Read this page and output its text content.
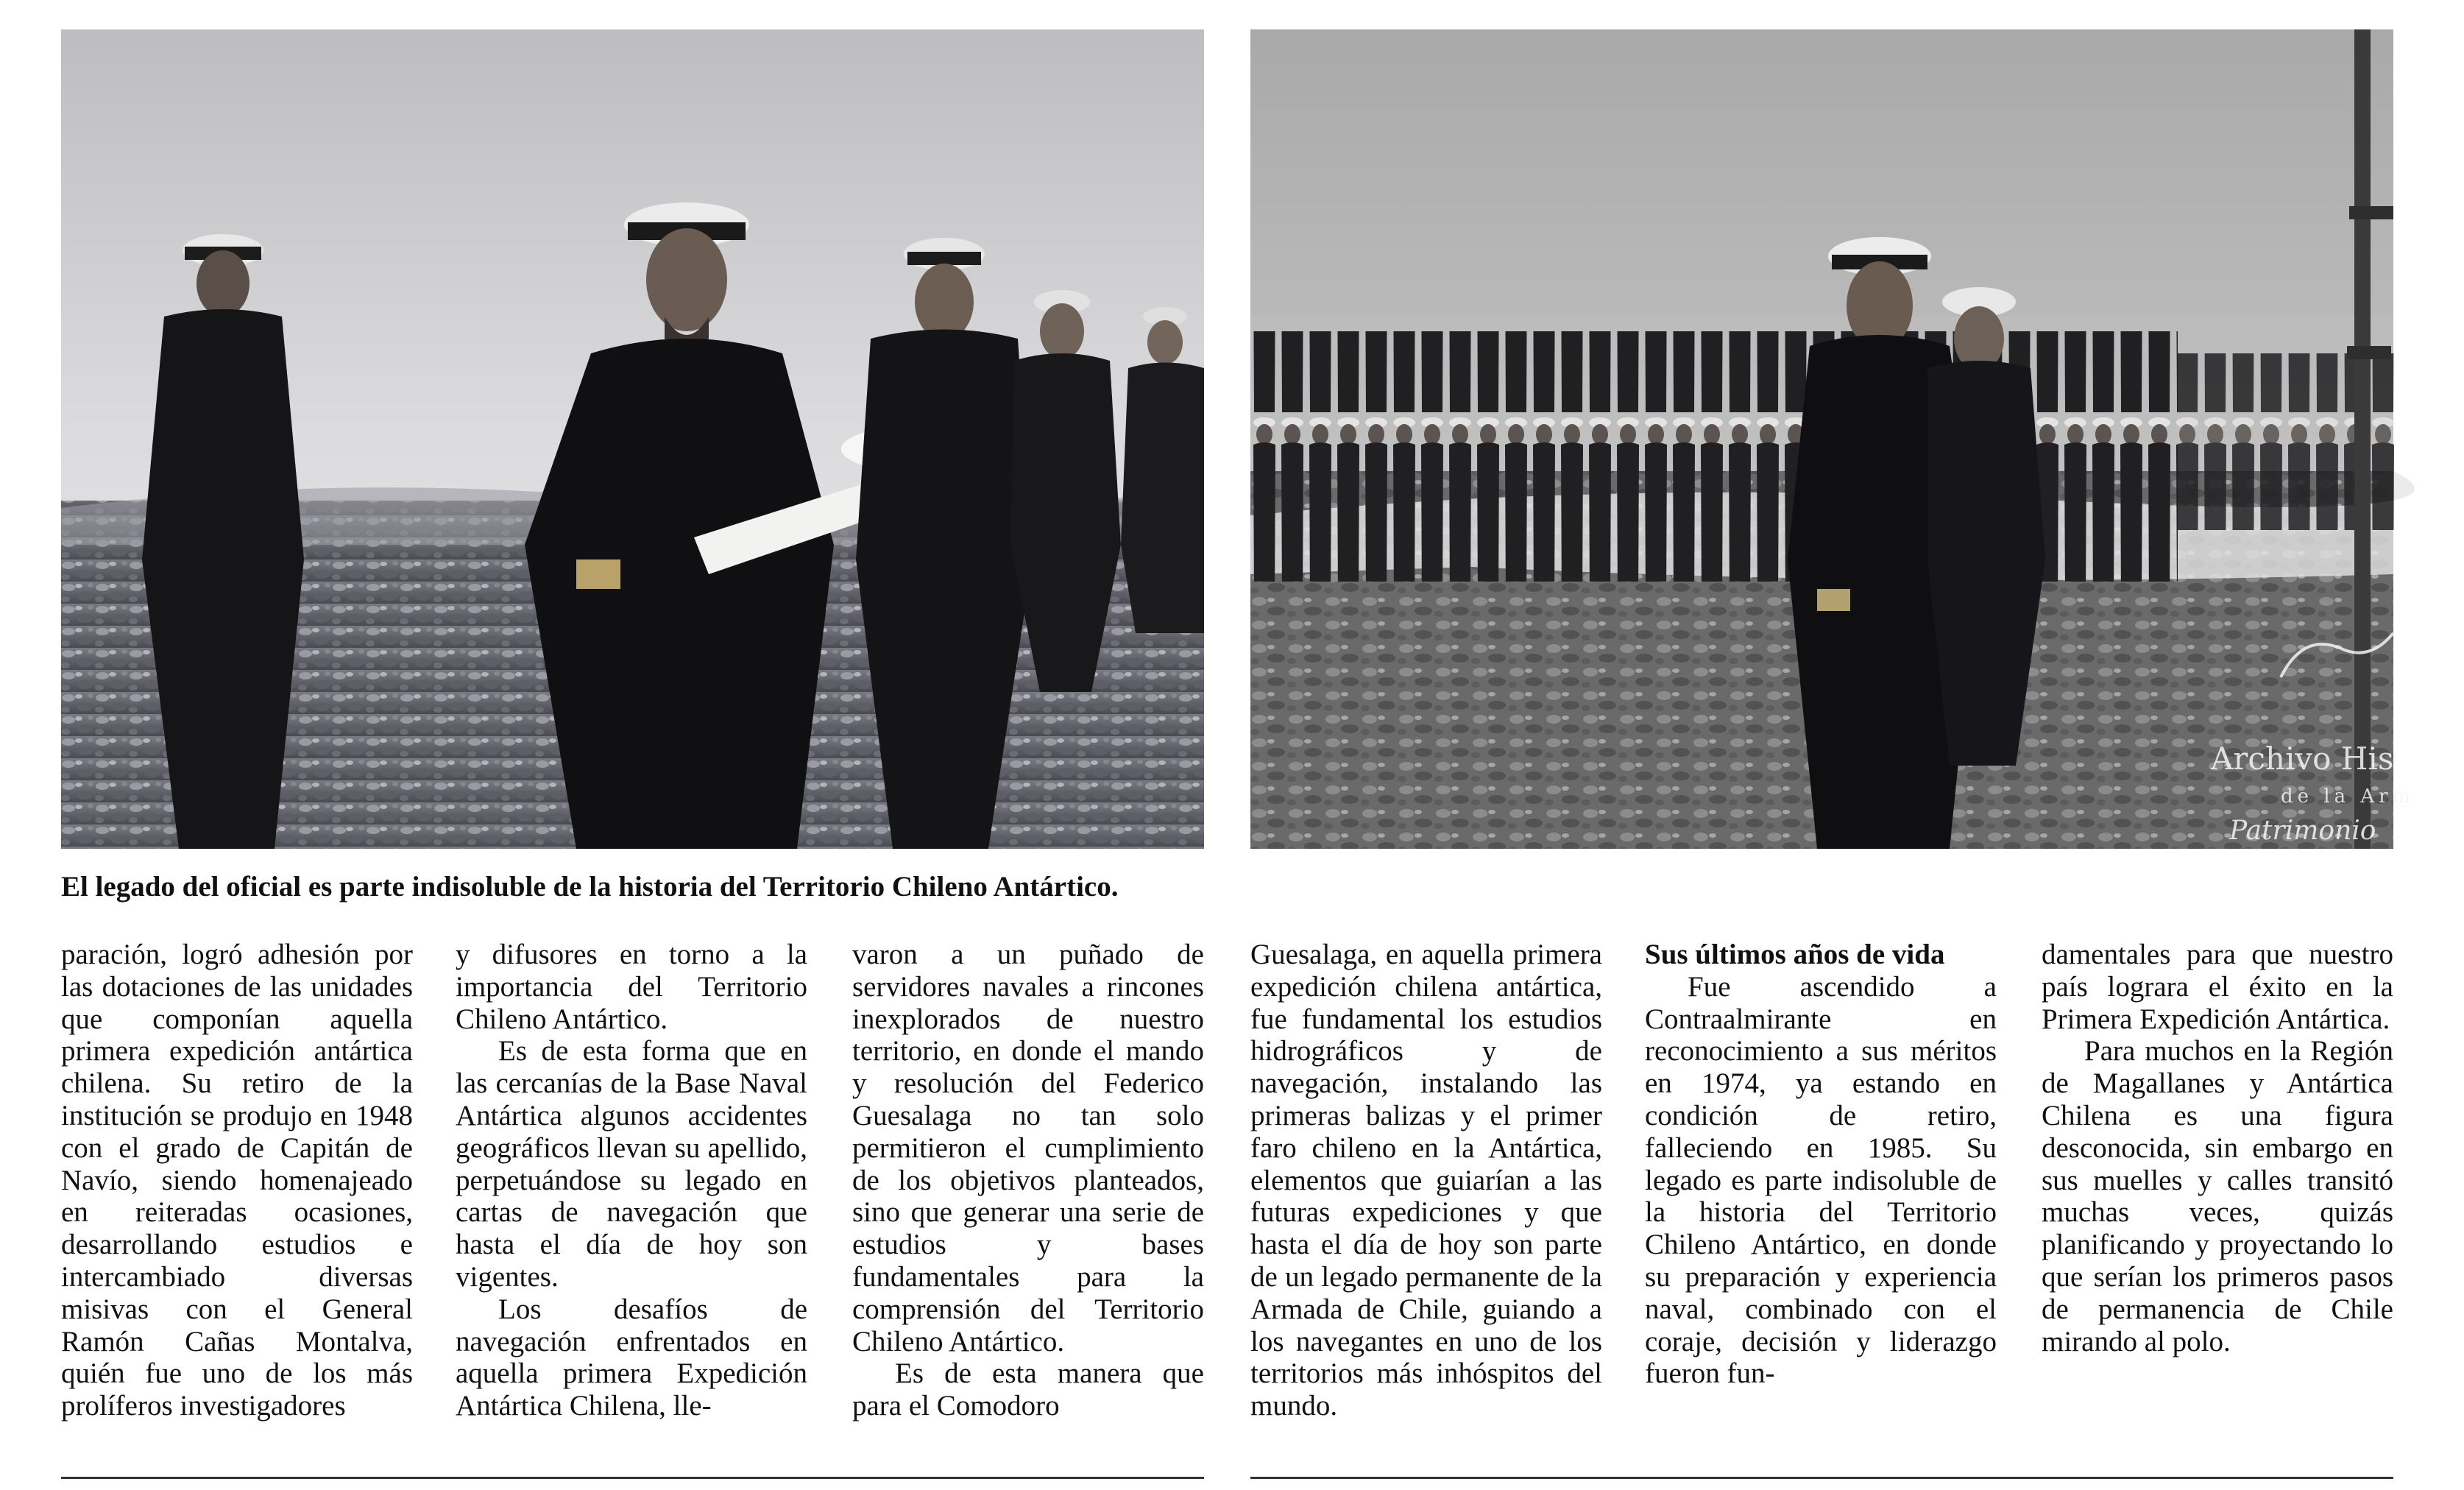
Archivo His
de la Arm
Patrimonio
El legado del oficial es parte indisoluble de la historia del Territorio Chileno Antártico.

paración, logró adhesión por las dotaciones de las unidades que componían aquella primera expedición antártica chilena. Su retiro de la institución se produjo en 1948 con el grado de Capitán de Navío, siendo homenajeado en reiteradas ocasiones, desarrollando estudios e intercambiado diversas misivas con el General Ramón Cañas Montalva, quién fue uno de los más prolíferos investigadores

y difusores en torno a la importancia del Territorio Chileno Antártico.

Es de esta forma que en las cercanías de la Base Naval Antártica algunos accidentes geográficos llevan su apellido, perpetuándose su legado en cartas de navegación que hasta el día de hoy son vigentes.

Los desafíos de navegación enfrentados en aquella primera Expedición Antártica Chilena, lle-

varon a un puñado de servidores navales a rincones inexplorados de nuestro territorio, en donde el mando y resolución del Federico Guesalaga no tan solo permitieron el cumplimiento de los objetivos planteados, sino que generar una serie de estudios y bases fundamentales para la comprensión del Territorio Chileno Antártico.

Es de esta manera que para el Comodoro

Guesalaga, en aquella primera expedición chilena antártica, fue fundamental los estudios hidrográficos y de navegación, instalando las primeras balizas y el primer faro chileno en la Antártica, elementos que guiarían a las futuras expediciones y que hasta el día de hoy son parte de un legado permanente de la Armada de Chile, guiando a los navegantes en uno de los territorios más inhóspitos del mundo.

Sus últimos años de vida

Fue ascendido a Contraalmirante en reconocimiento a sus méritos en 1974, ya estando en condición de retiro, falleciendo en 1985. Su legado es parte indisoluble de la historia del Territorio Chileno Antártico, en donde su preparación y experiencia naval, combinado con el coraje, decisión y liderazgo fueron fun-

damentales para que nuestro país lograra el éxito en la Primera Expedición Antártica.

Para muchos en la Región de Magallanes y Antártica Chilena es una figura desconocida, sin embargo en sus muelles y calles transitó muchas veces, quizás planificando y proyectando lo que serían los primeros pasos de permanencia de Chile mirando al polo.
